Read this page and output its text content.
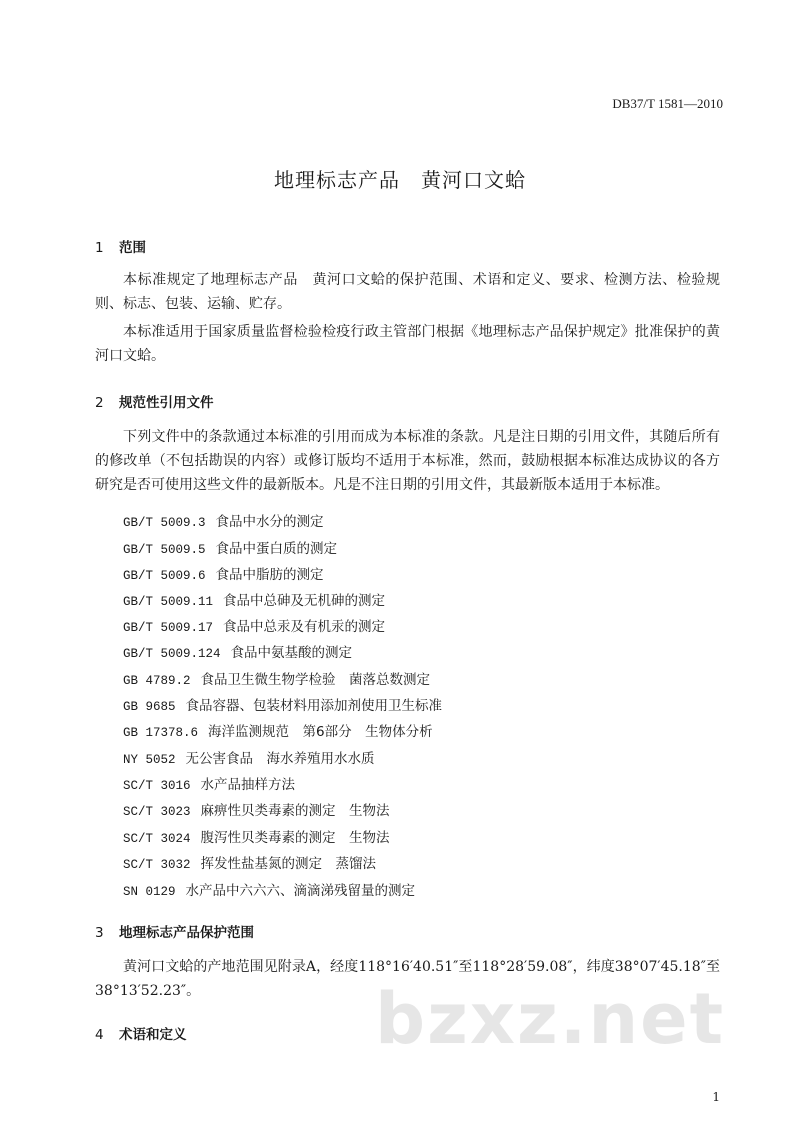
DB37/T 1581—2010
地理标志产品　黄河口文蛤
1 范围
本标准规定了地理标志产品　黄河口文蛤的保护范围、术语和定义、要求、检测方法、检验规则、标志、包装、运输、贮存。
本标准适用于国家质量监督检验检疫行政主管部门根据《地理标志产品保护规定》批准保护的黄河口文蛤。
2 规范性引用文件
下列文件中的条款通过本标准的引用而成为本标准的条款。凡是注日期的引用文件，其随后所有的修改单（不包括勘误的内容）或修订版均不适用于本标准，然而，鼓励根据本标准达成协议的各方研究是否可使用这些文件的最新版本。凡是不注日期的引用文件，其最新版本适用于本标准。
GB/T 5009.3 食品中水分的测定
GB/T 5009.5 食品中蛋白质的测定
GB/T 5009.6 食品中脂肪的测定
GB/T 5009.11 食品中总砷及无机砷的测定
GB/T 5009.17 食品中总汞及有机汞的测定
GB/T 5009.124 食品中氨基酸的测定
GB 4789.2 食品卫生微生物学检验　菌落总数测定
GB 9685 食品容器、包装材料用添加剂使用卫生标准
GB 17378.6 海洋监测规范　第6部分　生物体分析
NY 5052 无公害食品　海水养殖用水水质
SC/T 3016 水产品抽样方法
SC/T 3023 麻痹性贝类毒素的测定　生物法
SC/T 3024 腹泻性贝类毒素的测定　生物法
SC/T 3032 挥发性盐基氮的测定　蒸馏法
SN 0129 水产品中六六六、滴滴涕残留量的测定
3 地理标志产品保护范围
黄河口文蛤的产地范围见附录A，经度118°16′40.51″至118°28′59.08″，纬度38°07′45.18″至38°13′52.23″。
4 术语和定义	bzxz.net
1
